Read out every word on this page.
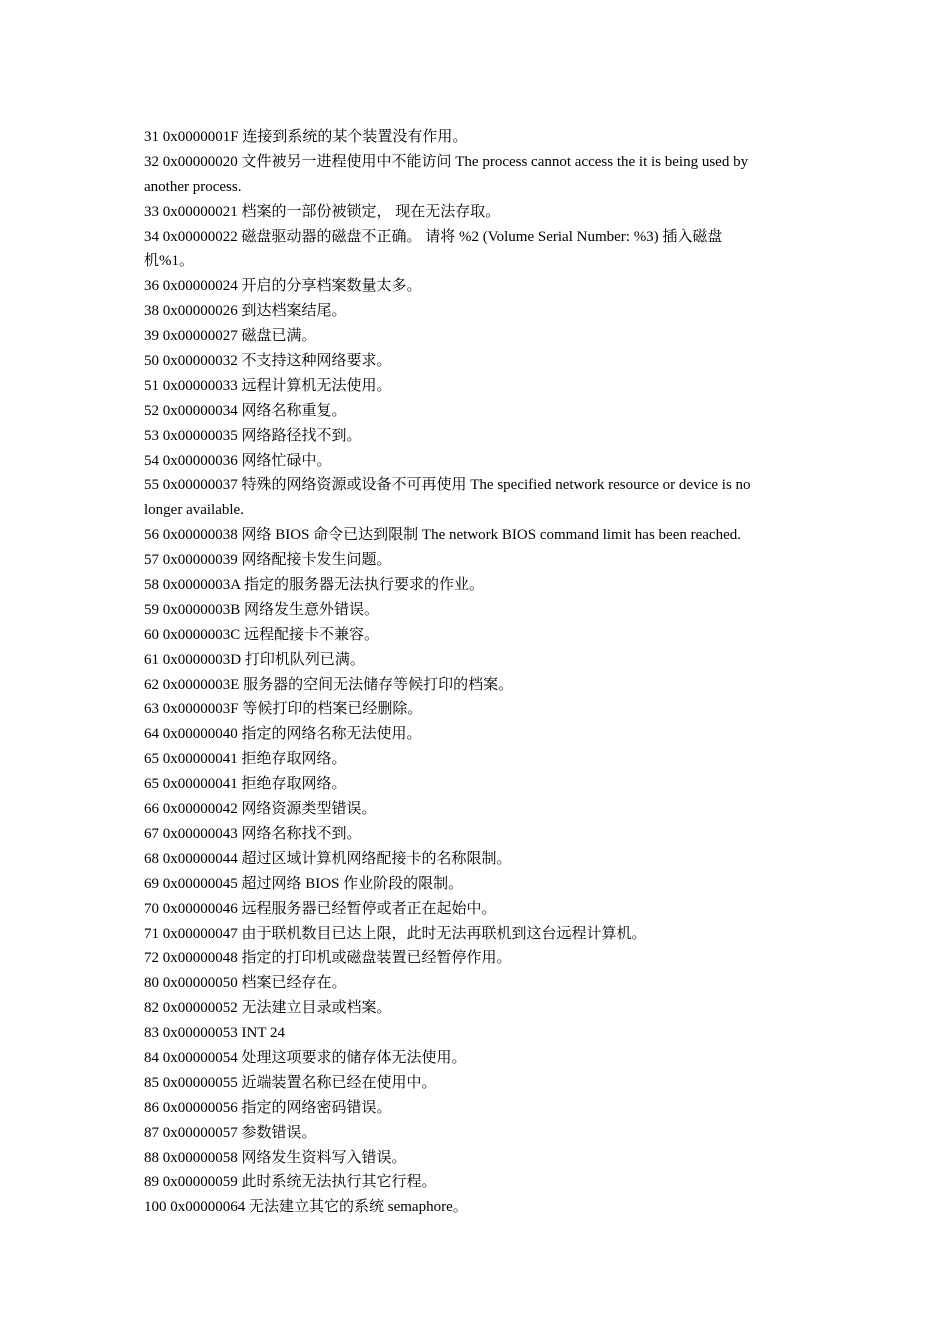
31 0x0000001F 连接到系统的某个装置没有作用。
32 0x00000020 文件被另一进程使用中不能访问 The process cannot access the it is being used by
another process.
33 0x00000021 档案的一部份被锁定， 现在无法存取。
34 0x00000022 磁盘驱动器的磁盘不正确。 请将 %2 (Volume Serial Number: %3) 插入磁盘
机%1。
36 0x00000024 开启的分享档案数量太多。
38 0x00000026 到达档案结尾。
39 0x00000027 磁盘已满。
50 0x00000032 不支持这种网络要求。
51 0x00000033 远程计算机无法使用。
52 0x00000034 网络名称重复。
53 0x00000035 网络路径找不到。
54 0x00000036 网络忙碌中。
55 0x00000037 特殊的网络资源或设备不可再使用 The specified network resource or device is no
longer available.
56 0x00000038 网络 BIOS 命令已达到限制 The network BIOS command limit has been reached.
57 0x00000039 网络配接卡发生问题。
58 0x0000003A 指定的服务器无法执行要求的作业。
59 0x0000003B 网络发生意外错误。
60 0x0000003C 远程配接卡不兼容。
61 0x0000003D 打印机队列已满。
62 0x0000003E 服务器的空间无法储存等候打印的档案。
63 0x0000003F 等候打印的档案已经删除。
64 0x00000040 指定的网络名称无法使用。
65 0x00000041 拒绝存取网络。
65 0x00000041 拒绝存取网络。
66 0x00000042 网络资源类型错误。
67 0x00000043 网络名称找不到。
68 0x00000044 超过区域计算机网络配接卡的名称限制。
69 0x00000045 超过网络 BIOS 作业阶段的限制。
70 0x00000046 远程服务器已经暂停或者正在起始中。
71 0x00000047 由于联机数目已达上限，此时无法再联机到这台远程计算机。
72 0x00000048 指定的打印机或磁盘装置已经暂停作用。
80 0x00000050 档案已经存在。
82 0x00000052 无法建立目录或档案。
83 0x00000053 INT 24
84 0x00000054 处理这项要求的储存体无法使用。
85 0x00000055 近端装置名称已经在使用中。
86 0x00000056 指定的网络密码错误。
87 0x00000057 参数错误。
88 0x00000058 网络发生资料写入错误。
89 0x00000059 此时系统无法执行其它行程。
100 0x00000064 无法建立其它的系统 semaphore。
